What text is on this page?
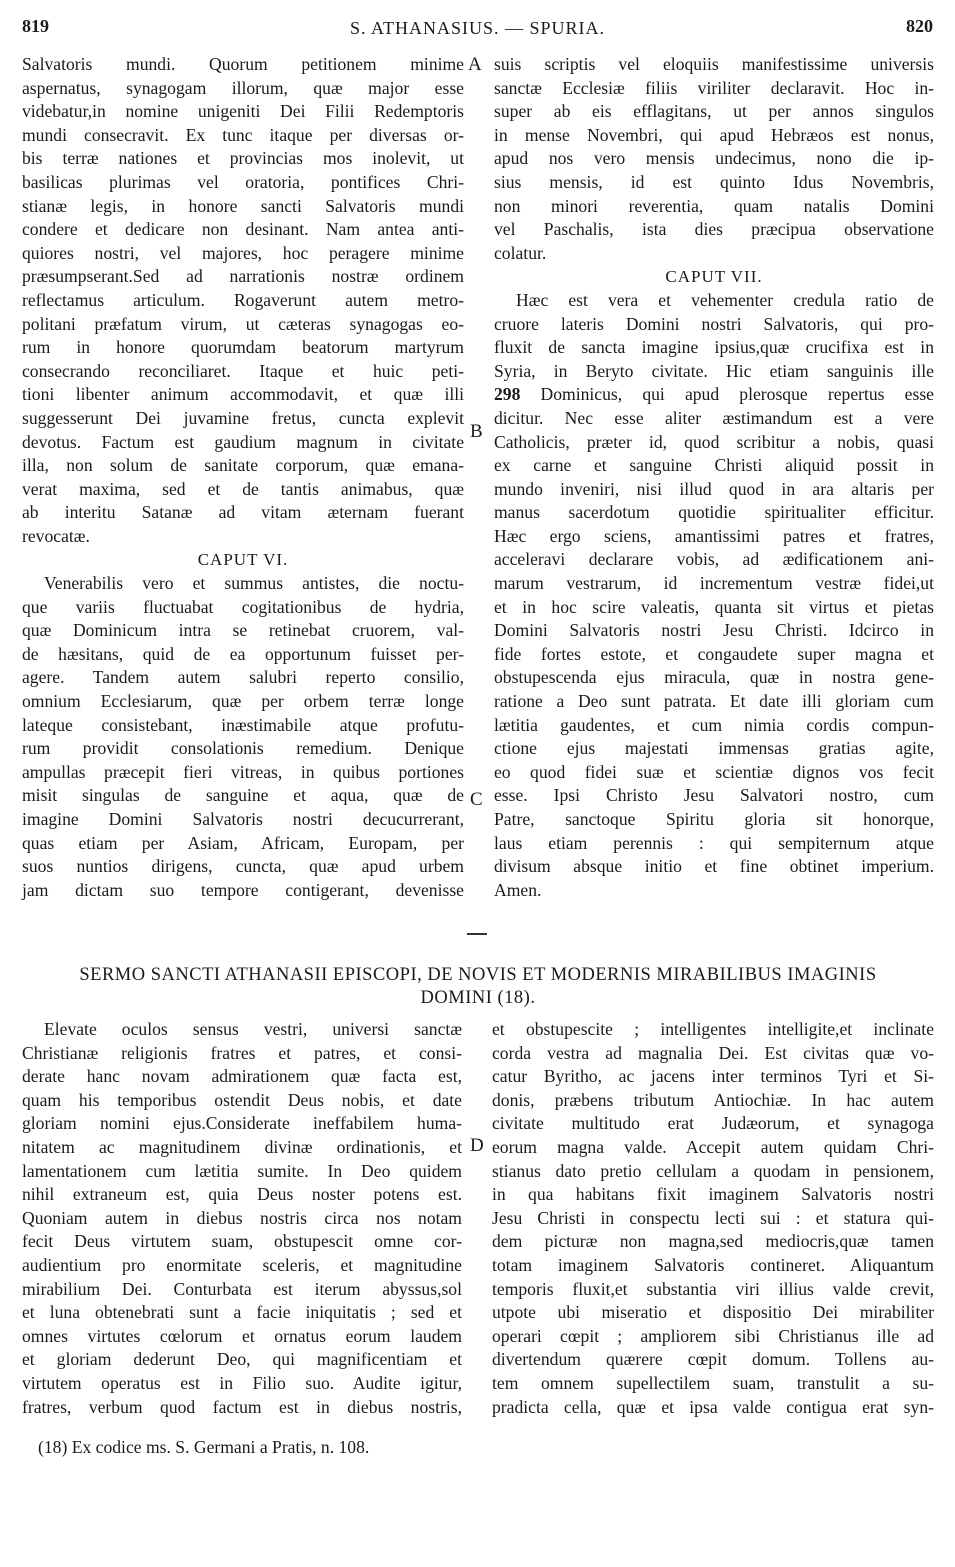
819	S. ATHANASIUS. — SPURIA.	820
Salvatoris mundi. Quorum petitionem minime
aspernatus, synagogam illorum, quæ major esse
videbatur,in nomine unigeniti Dei Filii Redemptoris
mundi consecravit. Ex tunc itaque per diversas or-
bis terræ nationes et provincias mos inolevit, ut
basilicas plurimas vel oratoria, pontifices Chri-
stianæ legis, in honore sancti Salvatoris mundi
condere et dedicare non desinant. Nam antea anti-
quiores nostri, vel majores, hoc peragere minime
præsumpserant.Sed ad narrationis nostræ ordinem
reflectamus articulum. Rogaverunt autem metro-
politani præfatum virum, ut cæteras synagogas eo-
rum in honore quorumdam beatorum martyrum
consecrando reconciliaret. Itaque et huic peti-
tioni libenter animum accommodavit, et quæ illi
suggesserunt Dei juvamine fretus, cuncta explevit
devotus. Factum est gaudium magnum in civitate
illa, non solum de sanitate corporum, quæ emana-
verat maxima, sed et de tantis animabus, quæ
ab interitu Satanæ ad vitam æternam fuerant
revocatæ.
CAPUT VI.
Venerabilis vero et summus antistes, die noctu-
que variis fluctuabat cogitationibus de hydria,
quæ Dominicum intra se retinebat cruorem, val-
de hæsitans, quid de ea opportunum fuisset per-
agere. Tandem autem salubri reperto consilio,
omnium Ecclesiarum, quæ per orbem terræ longe
lateque consistebant, inæstimabile atque profutu-
rum providit consolationis remedium. Denique
ampullas præcepit fieri vitreas, in quibus portiones
misit singulas de sanguine et aqua, quæ de
imagine Domini Salvatoris nostri decucurrerant,
quas etiam per Asiam, Africam, Europam, per
suos nuntios dirigens, cuncta, quæ apud urbem
jam dictam suo tempore contigerant, devenisse
suis scriptis vel eloquiis manifestissime universis
sanctæ Ecclesiæ filiis viriliter declaravit. Hoc in-
super ab eis efflagitans, ut per annos singulos
in mense Novembri, qui apud Hebræos est nonus,
apud nos vero mensis undecimus, nono die ip-
sius mensis, id est quinto Idus Novembris,
non minori reverentia, quam natalis Domini
vel Paschalis, ista dies præcipua observatione
colatur.
CAPUT VII.
Hæc est vera et vehementer credula ratio de
cruore lateris Domini nostri Salvatoris, qui pro-
fluxit de sancta imagine ipsius,quæ crucifixa est in
Syria, in Beryto civitate. Hic etiam sanguinis ille
298 Dominicus, qui apud plerosque repertus esse
dicitur. Nec esse aliter æstimandum est a vere
Catholicis, præter id, quod scribitur a nobis, quasi
ex carne et sanguine Christi aliquid possit in
mundo inveniri, nisi illud quod in ara altaris per
manus sacerdotum quotidie spiritualiter efficitur.
Hæc ergo sciens, amantissimi patres et fratres,
acceleravi declarare vobis, ad ædificationem ani-
marum vestrarum, id incrementum vestræ fidei,ut
et in hoc scire valeatis, quanta sit virtus et pietas
Domini Salvatoris nostri Jesu Christi. Idcirco in
fide fortes estote, et congaudete super magna et
obstupescenda ejus miracula, quæ in nostra gene-
ratione a Deo sunt patrata. Et date illi gloriam cum
lætitia gaudentes, et cum nimia cordis compun-
ctione ejus majestati immensas gratias agite,
eo quod fidei suæ et scientiæ dignos vos fecit
esse. Ipsi Christo Jesu Salvatori nostro, cum
Patre, sanctoque Spiritu gloria sit honorque,
laus etiam perennis : qui sempiternum atque
divisum absque initio et fine obtinet imperium.
Amen.
A
B
C
D
SERMO SANCTI ATHANASII EPISCOPI, DE NOVIS ET MODERNIS MIRABILIBUS IMAGINIS
DOMINI (18).
Elevate oculos sensus vestri, universi sanctæ
Christianæ religionis fratres et patres, et consi-
derate hanc novam admirationem quæ facta est,
quam his temporibus ostendit Deus nobis, et date
gloriam nomini ejus.Considerate ineffabilem huma-
nitatem ac magnitudinem divinæ ordinationis, et
lamentationem cum lætitia sumite. In Deo quidem
nihil extraneum est, quia Deus noster potens est.
Quoniam autem in diebus nostris circa nos notam
fecit Deus virtutem suam, obstupescit omne cor-
audientium pro enormitate sceleris, et magnitudine
mirabilium Dei. Conturbata est iterum abyssus,sol
et luna obtenebrati sunt a facie iniquitatis ; sed et
omnes virtutes cœlorum et ornatus eorum laudem
et gloriam dederunt Deo, qui magnificentiam et
virtutem operatus est in Filio suo. Audite igitur,
fratres, verbum quod factum est in diebus nostris,
et obstupescite ; intelligentes intelligite,et inclinate
corda vestra ad magnalia Dei. Est civitas quæ vo-
catur Byritho, ac jacens inter terminos Tyri et Si-
donis, præbens tributum Antiochiæ. In hac autem
civitate multitudo erat Judæorum, et synagoga
eorum magna valde. Accepit autem quidam Chri-
stianus dato pretio cellulam a quodam in pensionem,
in qua habitans fixit imaginem Salvatoris nostri
Jesu Christi in conspectu lecti sui : et statura qui-
dem picturæ non magna,sed mediocris,quæ tamen
totam imaginem Salvatoris contineret. Aliquantum
temporis fluxit,et substantia viri illius valde crevit,
utpote ubi miseratio et dispositio Dei mirabiliter
operari cœpit ; ampliorem sibi Christianus ille ad
divertendum quærere cœpit domum. Tollens au-
tem omnem supellectilem suam, transtulit a su-
pradicta cella, quæ et ipsa valde contigua erat syn-
(18) Ex codice ms. S. Germani a Pratis, n. 108.
